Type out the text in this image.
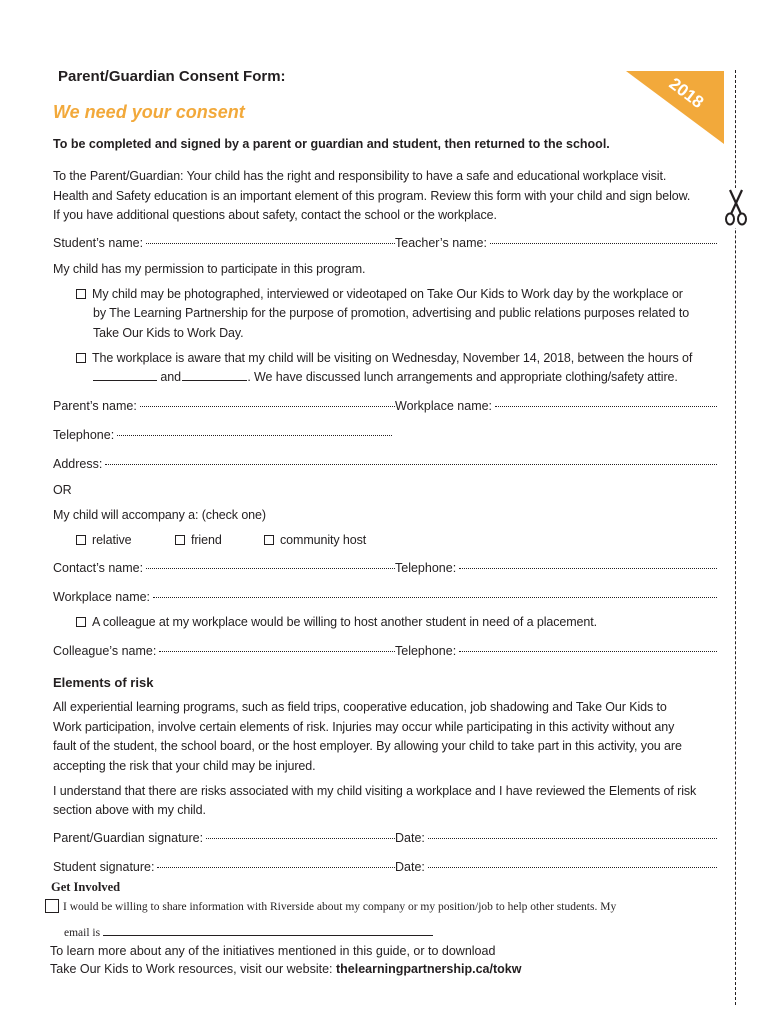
Parent/Guardian Consent Form:
We need your consent
2018
To be completed and signed by a parent or guardian and student, then returned to the school.
To the Parent/Guardian: Your child has the right and responsibility to have a safe and educational workplace visit.
Health and Safety education is an important element of this program. Review this form with your child and sign below.
If you have additional questions about safety, contact the school or the workplace.
Student’s name:	Teacher’s name:
My child has my permission to participate in this program.
My child may be photographed, interviewed or videotaped on Take Our Kids to Work day by the workplace or
by The Learning Partnership for the purpose of promotion, advertising and public relations purposes related to
Take Our Kids to Work Day.
The workplace is aware that my child will be visiting on Wednesday, November 14, 2018, between the hours of
and	. We have discussed lunch arrangements and appropriate clothing/safety attire.
Parent’s name:	Workplace name:
Telephone:
Address:
OR
My child will accompany a: (check one)
relative	friend	community host
Contact’s name:	Telephone:
Workplace name:
A colleague at my workplace would be willing to host another student in need of a placement.
Colleague’s name:	Telephone:
Elements of risk
All experiential learning programs, such as field trips, cooperative education, job shadowing and Take Our Kids to
Work participation, involve certain elements of risk. Injuries may occur while participating in this activity without any
fault of the student, the school board, or the host employer. By allowing your child to take part in this activity, you are
accepting the risk that your child may be injured.
I understand that there are risks associated with my child visiting a workplace and I have reviewed the Elements of risk
section above with my child.
Parent/Guardian signature:	Date:
Student signature:	Date:
Get Involved
I would be willing to share information with Riverside about my company or my position/job to help other students. My
email is
To learn more about any of the initiatives mentioned in this guide, or to download
Take Our Kids to Work resources, visit our website: thelearningpartnership.ca/tokw
